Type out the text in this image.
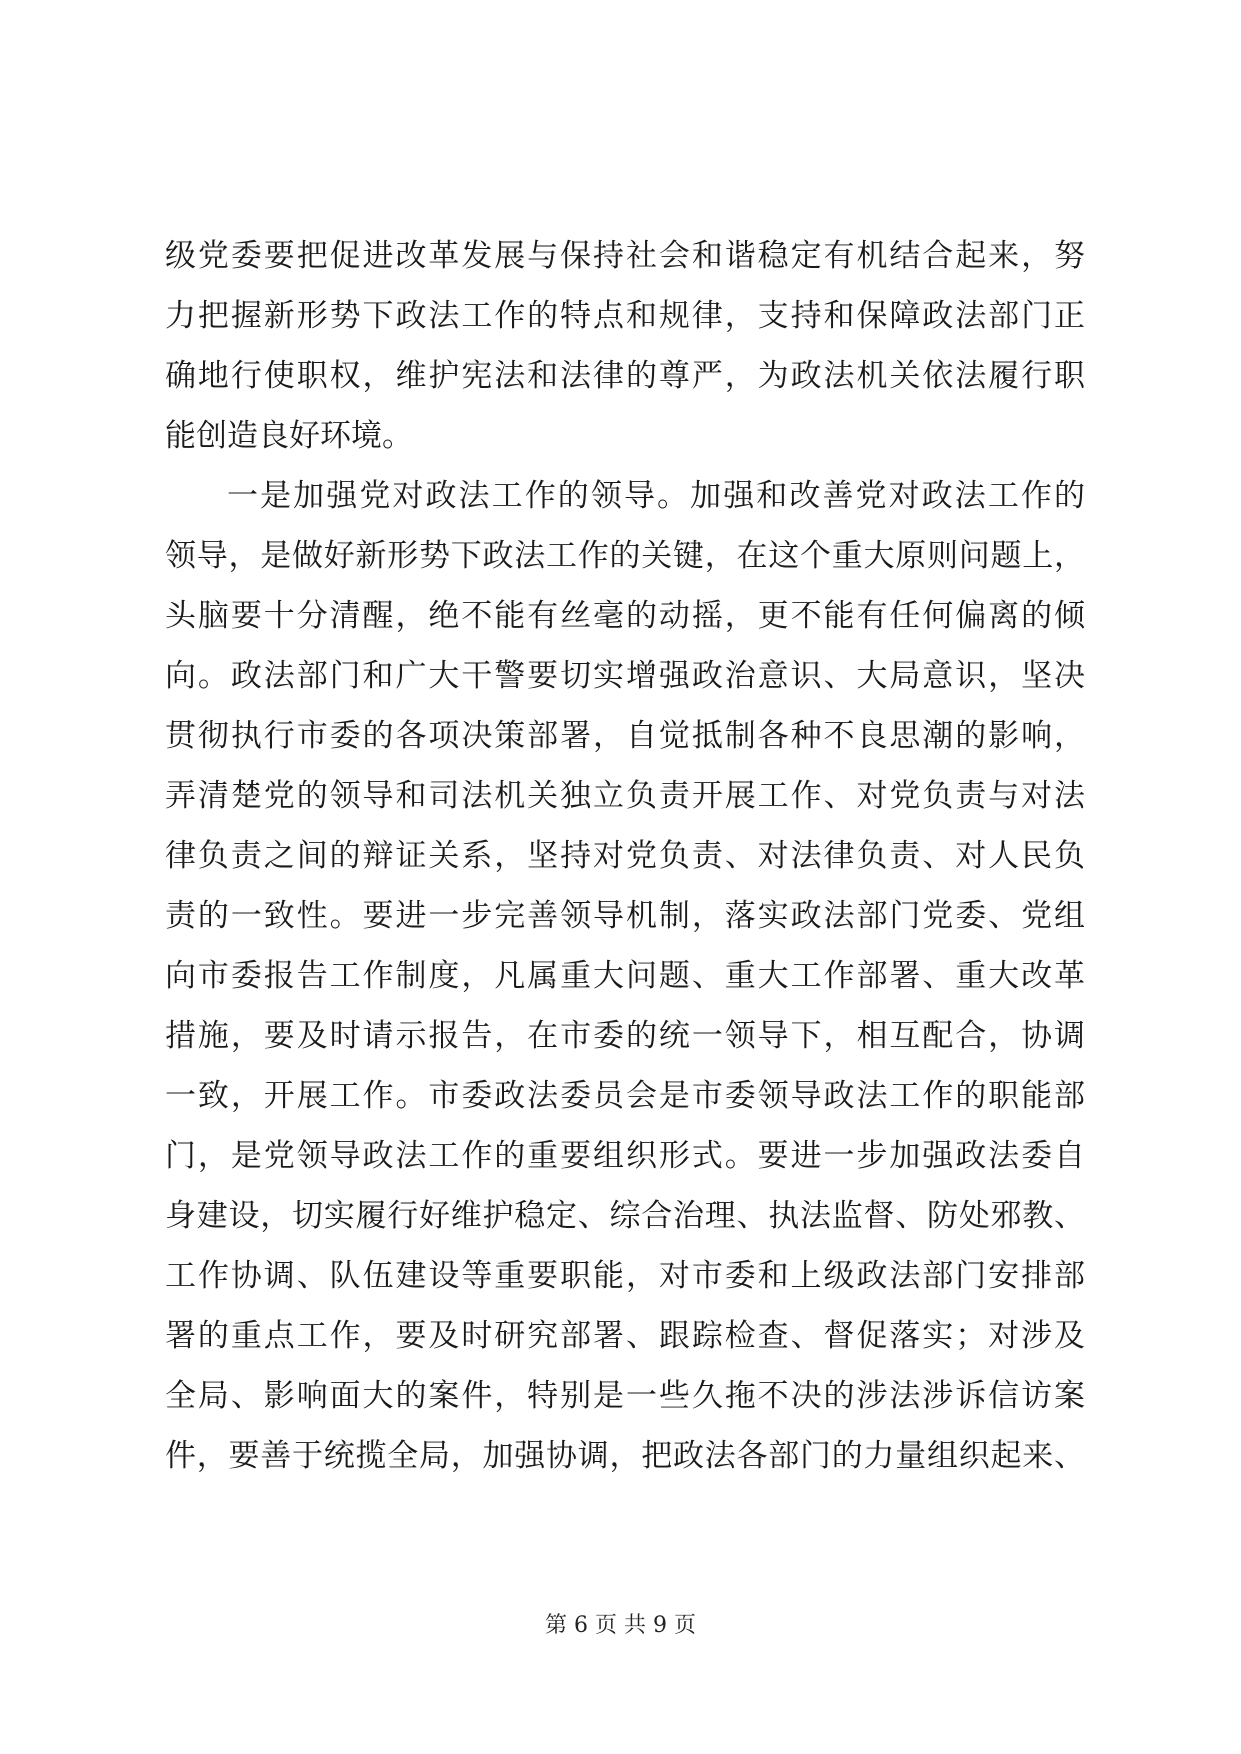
级党委要把促进改革发展与保持社会和谐稳定有机结合起来，努
力把握新形势下政法工作的特点和规律，支持和保障政法部门正
确地行使职权，维护宪法和法律的尊严，为政法机关依法履行职
能创造良好环境。
一是加强党对政法工作的领导。加强和改善党对政法工作的
领导，是做好新形势下政法工作的关键，在这个重大原则问题上，
头脑要十分清醒，绝不能有丝毫的动摇，更不能有任何偏离的倾
向。政法部门和广大干警要切实增强政治意识、大局意识，坚决
贯彻执行市委的各项决策部署，自觉抵制各种不良思潮的影响，
弄清楚党的领导和司法机关独立负责开展工作、对党负责与对法
律负责之间的辩证关系，坚持对党负责、对法律负责、对人民负
责的一致性。要进一步完善领导机制，落实政法部门党委、党组
向市委报告工作制度，凡属重大问题、重大工作部署、重大改革
措施，要及时请示报告，在市委的统一领导下，相互配合，协调
一致，开展工作。市委政法委员会是市委领导政法工作的职能部
门，是党领导政法工作的重要组织形式。要进一步加强政法委自
身建设，切实履行好维护稳定、综合治理、执法监督、防处邪教、
工作协调、队伍建设等重要职能，对市委和上级政法部门安排部
署的重点工作，要及时研究部署、跟踪检查、督促落实；对涉及
全局、影响面大的案件，特别是一些久拖不决的涉法涉诉信访案
件，要善于统揽全局，加强协调，把政法各部门的力量组织起来、
第 6 页 共 9 页
